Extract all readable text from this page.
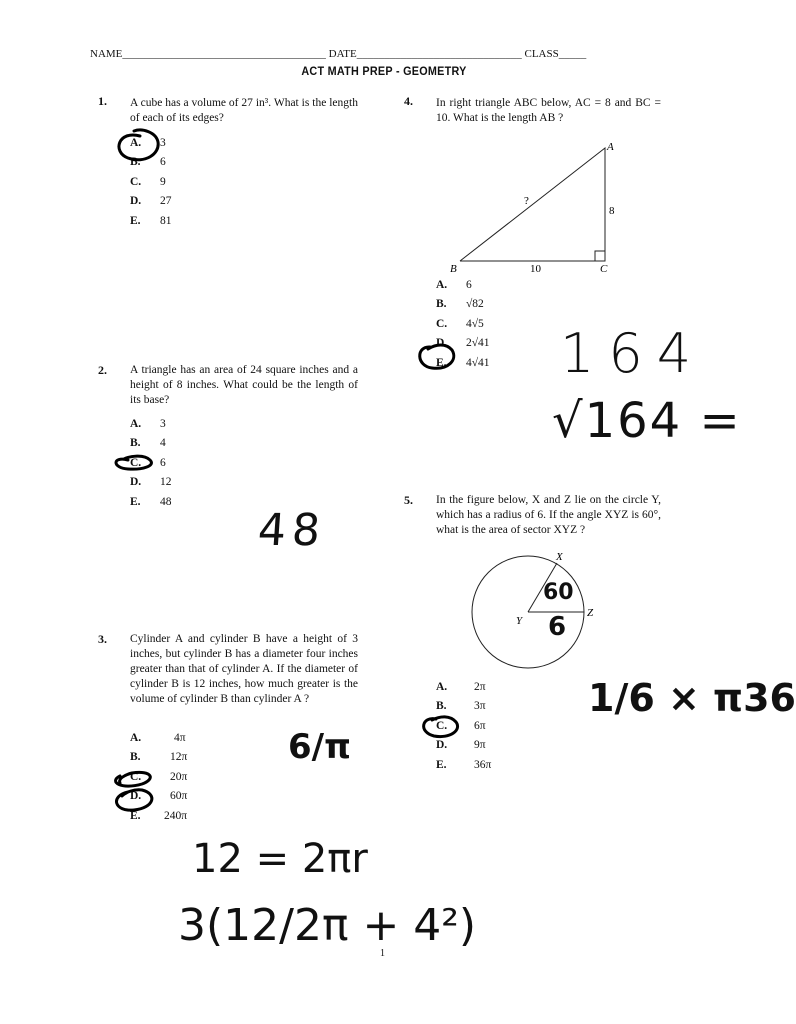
NAME_____________________________________ DATE______________________________ CLASS_____
ACT MATH PREP - GEOMETRY
1. A cube has a volume of 27 in³. What is the length of each of its edges?
A.	3
B.	6
C.	9
D.	27
E.	81
2. A triangle has an area of 24 square inches and a height of 8 inches. What could be the length of its base?
A.	3
B.	4
C.	6
D.	12
E.	48
3. Cylinder A and cylinder B have a height of 3 inches, but cylinder B has a diameter four inches greater than that of cylinder A. If the diameter of cylinder B is 12 inches, how much greater is the volume of cylinder B than cylinder A ?
A.	4π
B.	12π
C.	20π
D.	60π
E.	240π
4. In right triangle ABC below, AC = 8 and BC = 10. What is the length AB ?
A
B	C
?
8
10
A.	6
B.	√82
C.	4√5
D.	2√41
E.	4√41
5. In the figure below, X and Z lie on the circle Y, which has a radius of 6. If the angle XYZ is 60°, what is the area of sector XYZ ?
X
Y
Z
A.	2π
B.	3π
C.	6π
D.	9π
E.	36π
1
48
164
√164 =
60
6
6/π
1/6 × π36
12 = 2πr
3(12/2π + 4²)
